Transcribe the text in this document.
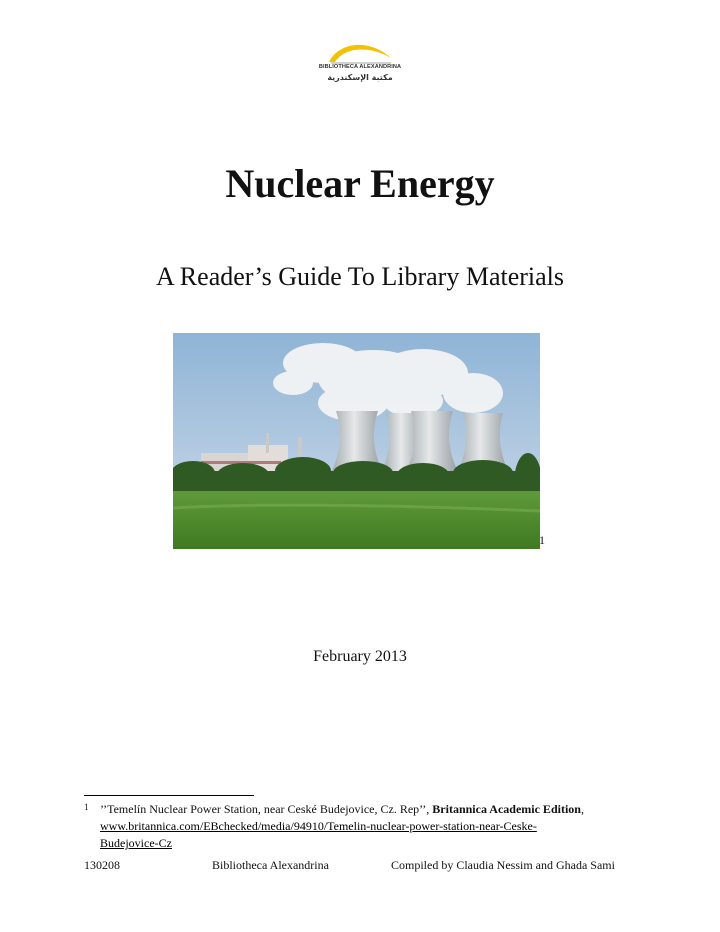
BIBLIOTHECA ALEXANDRINA
مكتبة الإسكندرية
Nuclear Energy
A Reader’s Guide To Library Materials
1
February 2013
1 ’’Temelín Nuclear Power Station, near Ceské Budejovice, Cz. Rep’’, Britannica Academic Edition,
www.britannica.com/EBchecked/media/94910/Temelin-nuclear-power-station-near-Ceske-
Budejovice-Cz
130208	Bibliotheca Alexandrina	Compiled by Claudia Nessim and Ghada Sami
